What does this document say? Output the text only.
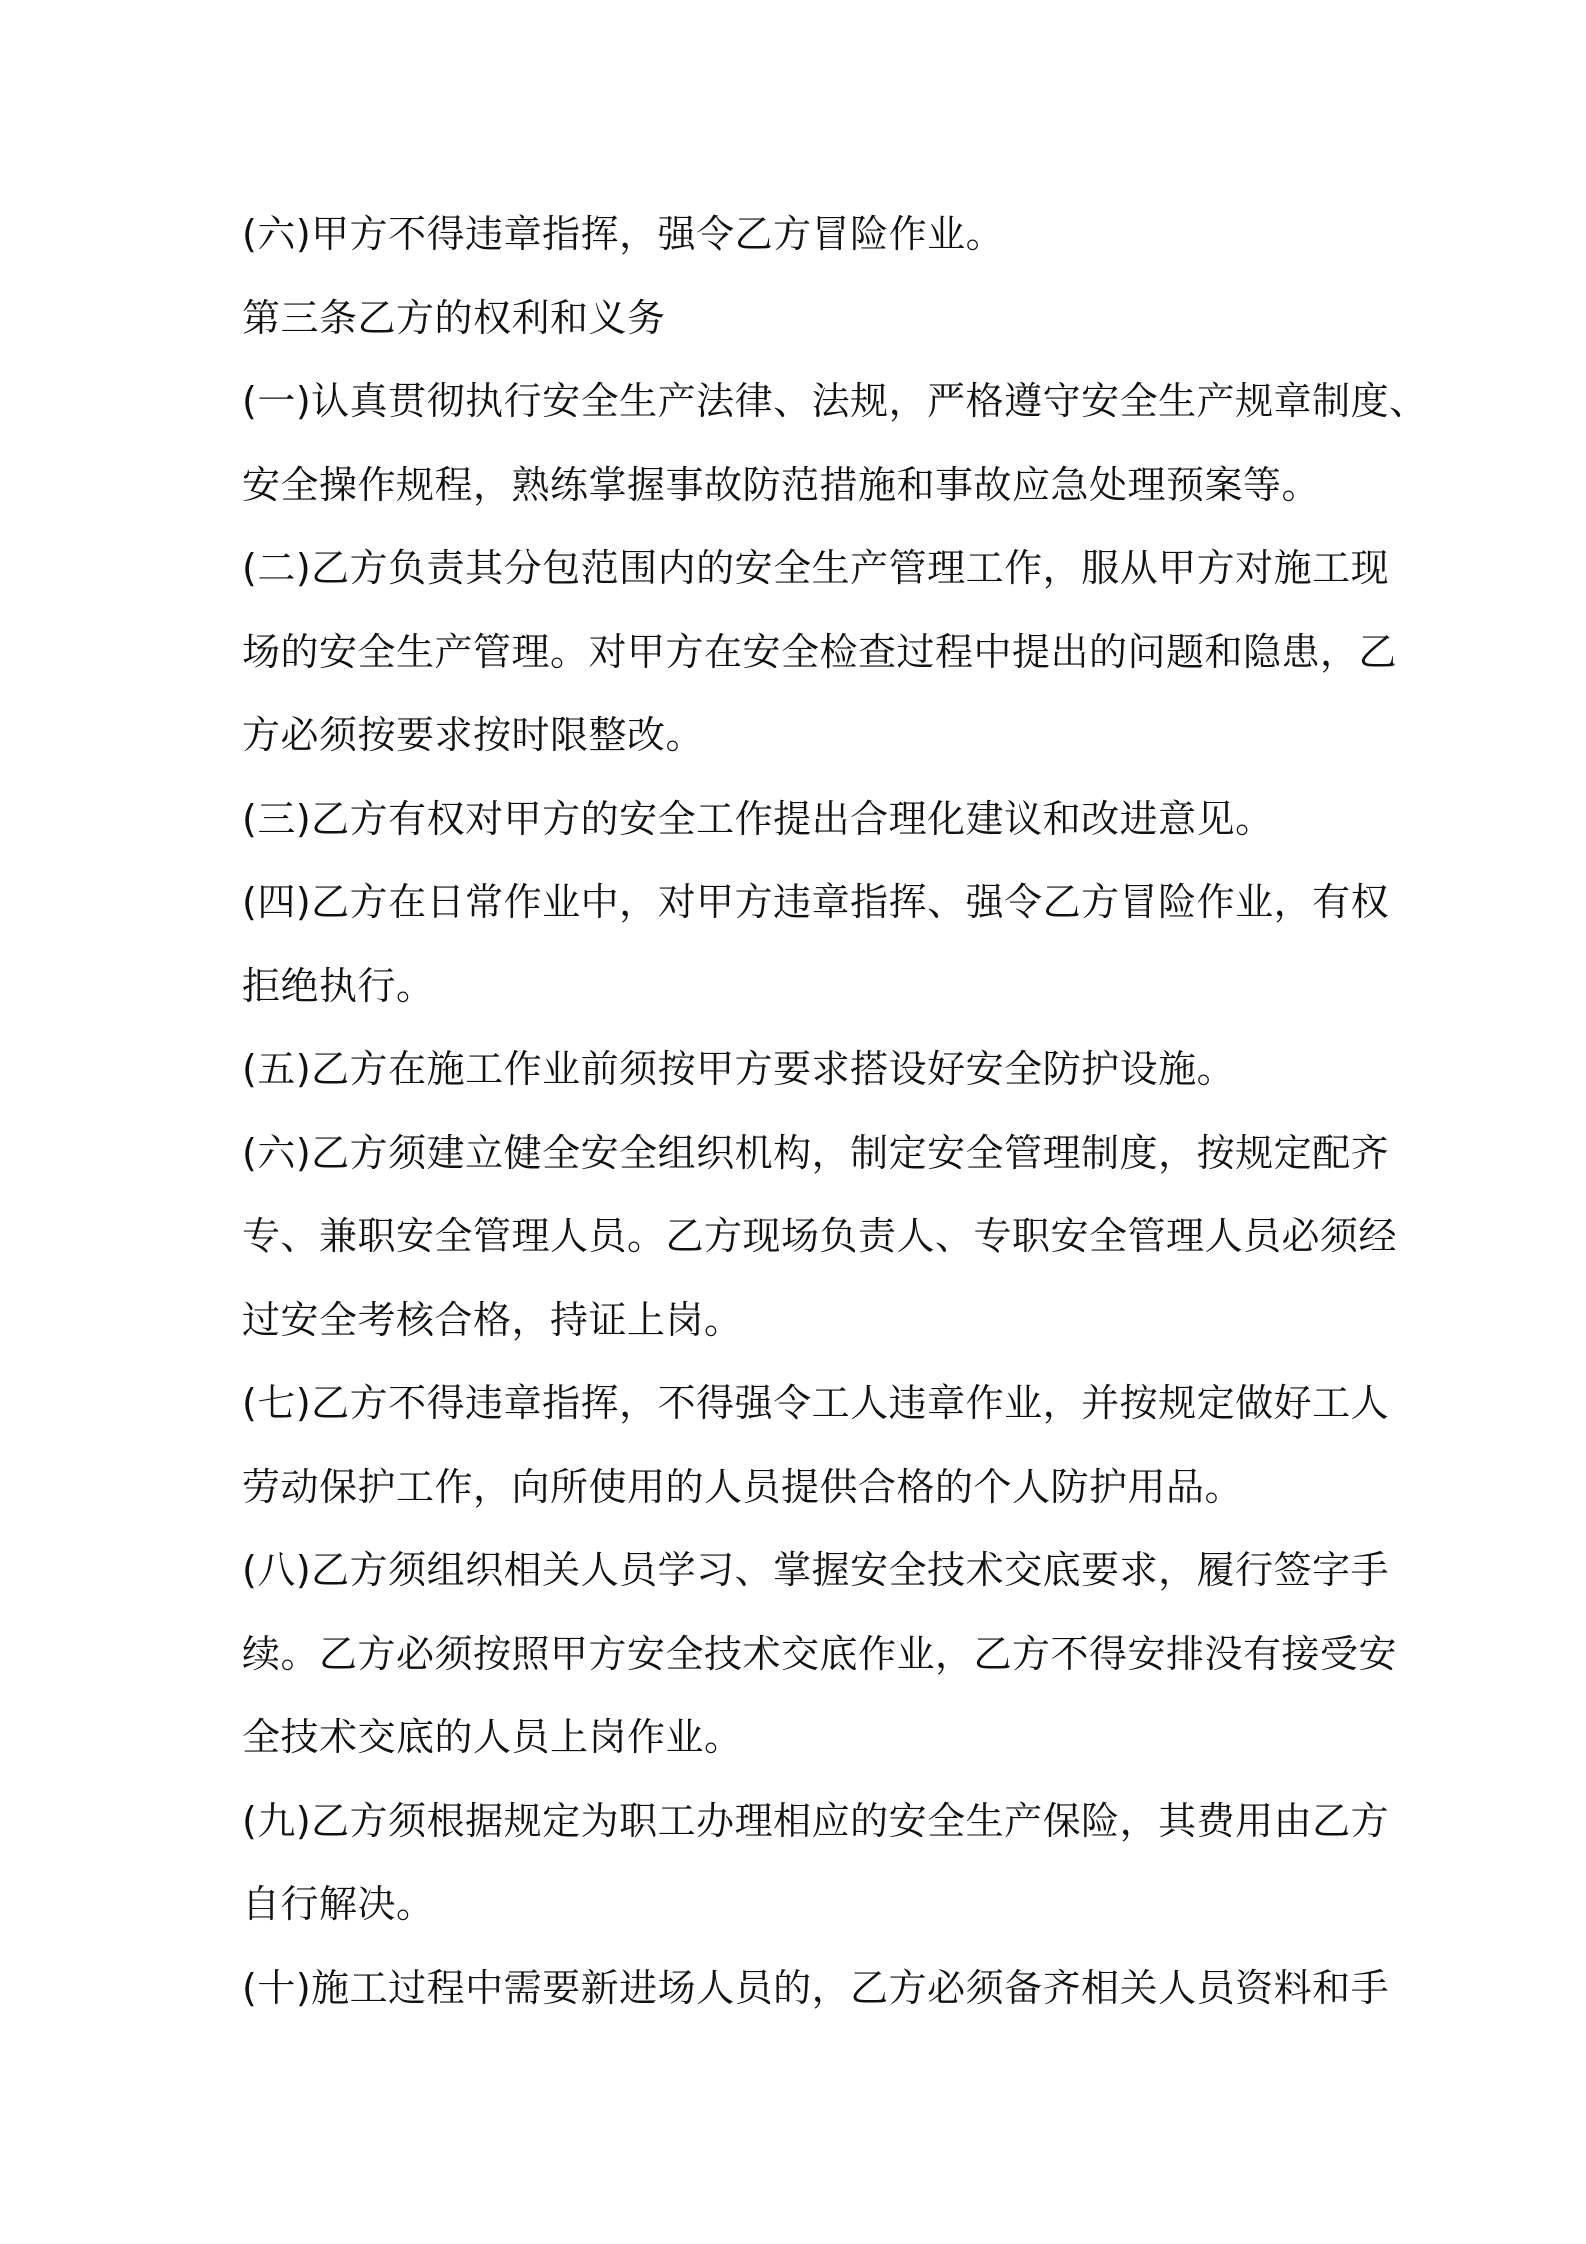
(六)甲方不得违章指挥，强令乙方冒险作业。
第三条乙方的权利和义务
(一)认真贯彻执行安全生产法律、法规，严格遵守安全生产规章制度、
安全操作规程，熟练掌握事故防范措施和事故应急处理预案等。
(二)乙方负责其分包范围内的安全生产管理工作，服从甲方对施工现
场的安全生产管理。对甲方在安全检查过程中提出的问题和隐患，乙
方必须按要求按时限整改。
(三)乙方有权对甲方的安全工作提出合理化建议和改进意见。
(四)乙方在日常作业中，对甲方违章指挥、强令乙方冒险作业，有权
拒绝执行。
(五)乙方在施工作业前须按甲方要求搭设好安全防护设施。
(六)乙方须建立健全安全组织机构，制定安全管理制度，按规定配齐
专、兼职安全管理人员。乙方现场负责人、专职安全管理人员必须经
过安全考核合格，持证上岗。
(七)乙方不得违章指挥，不得强令工人违章作业，并按规定做好工人
劳动保护工作，向所使用的人员提供合格的个人防护用品。
(八)乙方须组织相关人员学习、掌握安全技术交底要求，履行签字手
续。乙方必须按照甲方安全技术交底作业，乙方不得安排没有接受安
全技术交底的人员上岗作业。
(九)乙方须根据规定为职工办理相应的安全生产保险，其费用由乙方
自行解决。
(十)施工过程中需要新进场人员的，乙方必须备齐相关人员资料和手
